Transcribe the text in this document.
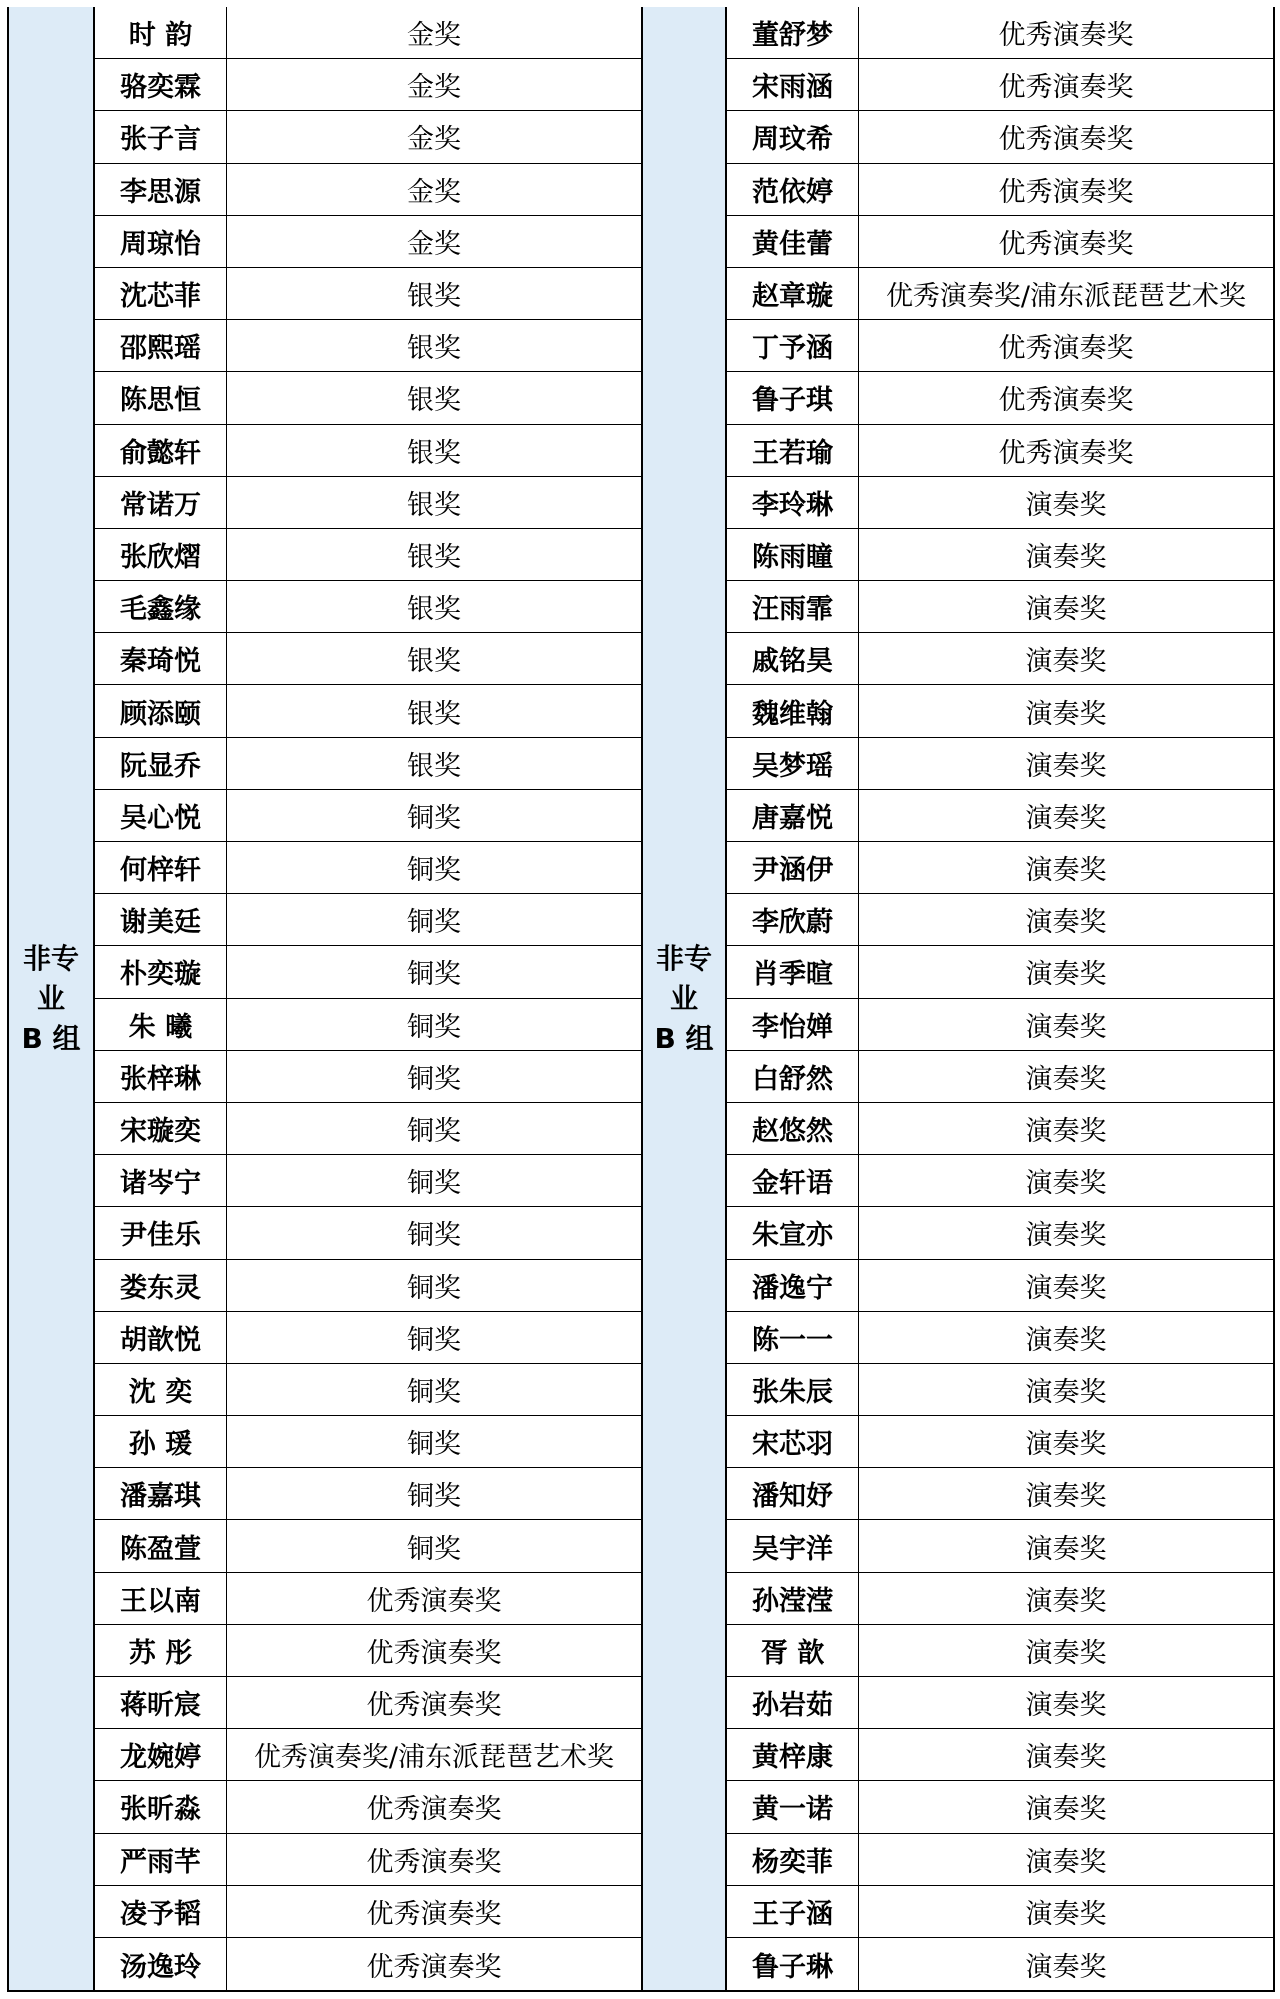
非专
业
B 组
时 韵	金奖
骆奕霖	金奖
张子言	金奖
李思源	金奖
周琼怡	金奖
沈芯菲	银奖
邵熙瑶	银奖
陈思恒	银奖
俞懿轩	银奖
常诺万	银奖
张欣熠	银奖
毛鑫缘	银奖
秦琦悦	银奖
顾添颐	银奖
阮显乔	银奖
吴心悦	铜奖
何梓轩	铜奖
谢美廷	铜奖
朴奕璇	铜奖
朱 曦	铜奖
张梓琳	铜奖
宋璇奕	铜奖
诸岑宁	铜奖
尹佳乐	铜奖
娄东灵	铜奖
胡歆悦	铜奖
沈 奕	铜奖
孙 瑗	铜奖
潘嘉琪	铜奖
陈盈萱	铜奖
王以南	优秀演奏奖
苏 彤	优秀演奏奖
蒋昕宸	优秀演奏奖
龙婉婷	优秀演奏奖/浦东派琵琶艺术奖
张昕淼	优秀演奏奖
严雨芊	优秀演奏奖
凌予韬	优秀演奏奖
汤逸玲	优秀演奏奖
非专
业
B 组
董舒梦	优秀演奏奖
宋雨涵	优秀演奏奖
周玟希	优秀演奏奖
范依婷	优秀演奏奖
黄佳蕾	优秀演奏奖
赵章璇	优秀演奏奖/浦东派琵琶艺术奖
丁予涵	优秀演奏奖
鲁子琪	优秀演奏奖
王若瑜	优秀演奏奖
李玲琳	演奏奖
陈雨瞳	演奏奖
汪雨霏	演奏奖
戚铭昊	演奏奖
魏维翰	演奏奖
吴梦瑶	演奏奖
唐嘉悦	演奏奖
尹涵伊	演奏奖
李欣蔚	演奏奖
肖季暄	演奏奖
李怡婵	演奏奖
白舒然	演奏奖
赵悠然	演奏奖
金轩语	演奏奖
朱宣亦	演奏奖
潘逸宁	演奏奖
陈一一	演奏奖
张朱辰	演奏奖
宋芯羽	演奏奖
潘知妤	演奏奖
吴宇洋	演奏奖
孙滢滢	演奏奖
胥 歆	演奏奖
孙岩茹	演奏奖
黄梓康	演奏奖
黄一诺	演奏奖
杨奕菲	演奏奖
王子涵	演奏奖
鲁子琳	演奏奖
